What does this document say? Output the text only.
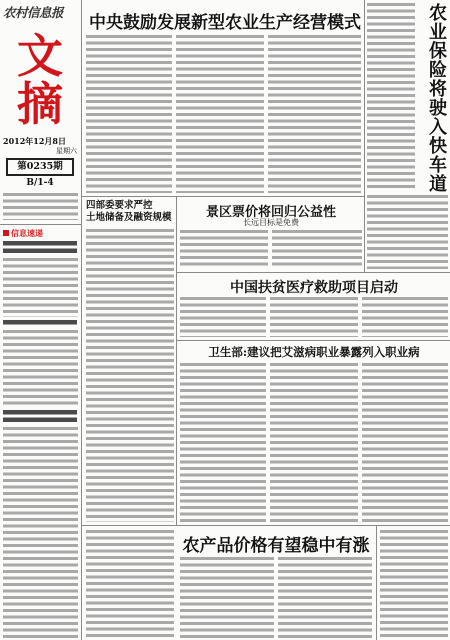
农村信息报
文摘
2012年12月8日
星期六
第0235期
B/1-4
信息速递
中央鼓励发展新型农业生产经营模式	农业保险将驶入快车道
四部委要求严控
土地储备及融资规模	景区票价将回归公益性
长远目标是免费
中国扶贫医疗救助项目启动
卫生部:建议把艾滋病职业暴露列入职业病
农产品价格有望稳中有涨
